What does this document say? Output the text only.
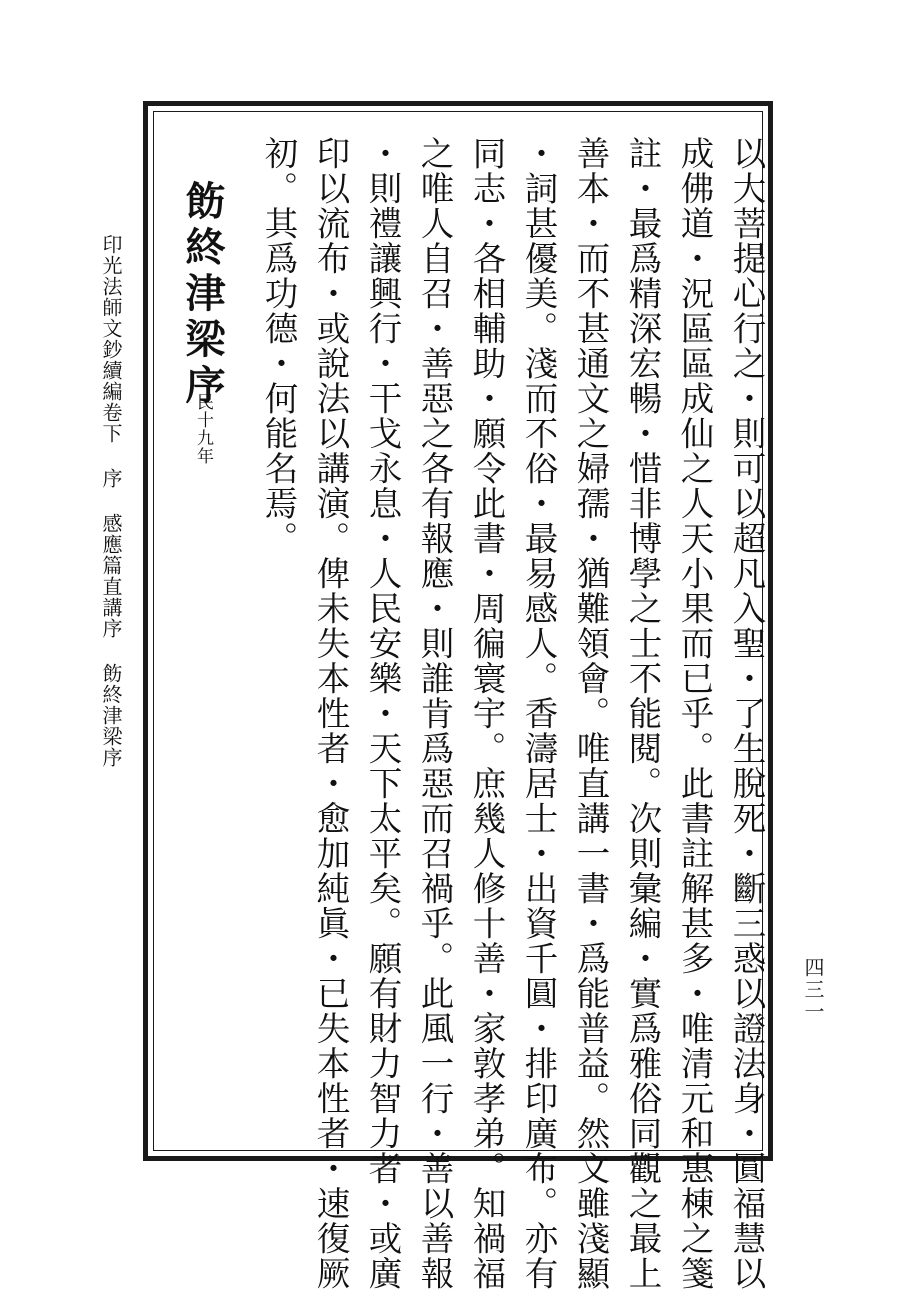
以大菩提心行之・則可以超凡入聖・了生脫死・斷三惑以證法身・圓福慧以
成佛道・況區區成仙之人天小果而已乎。此書註解甚多・唯清元和惠棟之箋
註・最爲精深宏暢・惜非博學之士不能閱。次則彙編・實爲雅俗同觀之最上
善本・而不甚通文之婦孺・猶難領會。唯直講一書・爲能普益。然文雖淺顯
・詞甚優美。淺而不俗・最易感人。香濤居士・出資千圓・排印廣布。亦有
同志・各相輔助・願令此書・周徧寰宇。庶幾人修十善・家敦孝弟。知禍福
之唯人自召・善惡之各有報應・則誰肯爲惡而召禍乎。此風一行・善以善報
・則禮讓興行・干戈永息・人民安樂・天下太平矣。願有財力智力者・或廣
印以流布・或說法以講演。俾未失本性者・愈加純眞・已失本性者・速復厥
初。其爲功德・何能名焉。
飭終津梁序
民十九年
印光法師文鈔續編卷下序感應篇直講序飭終津梁序
四三一
